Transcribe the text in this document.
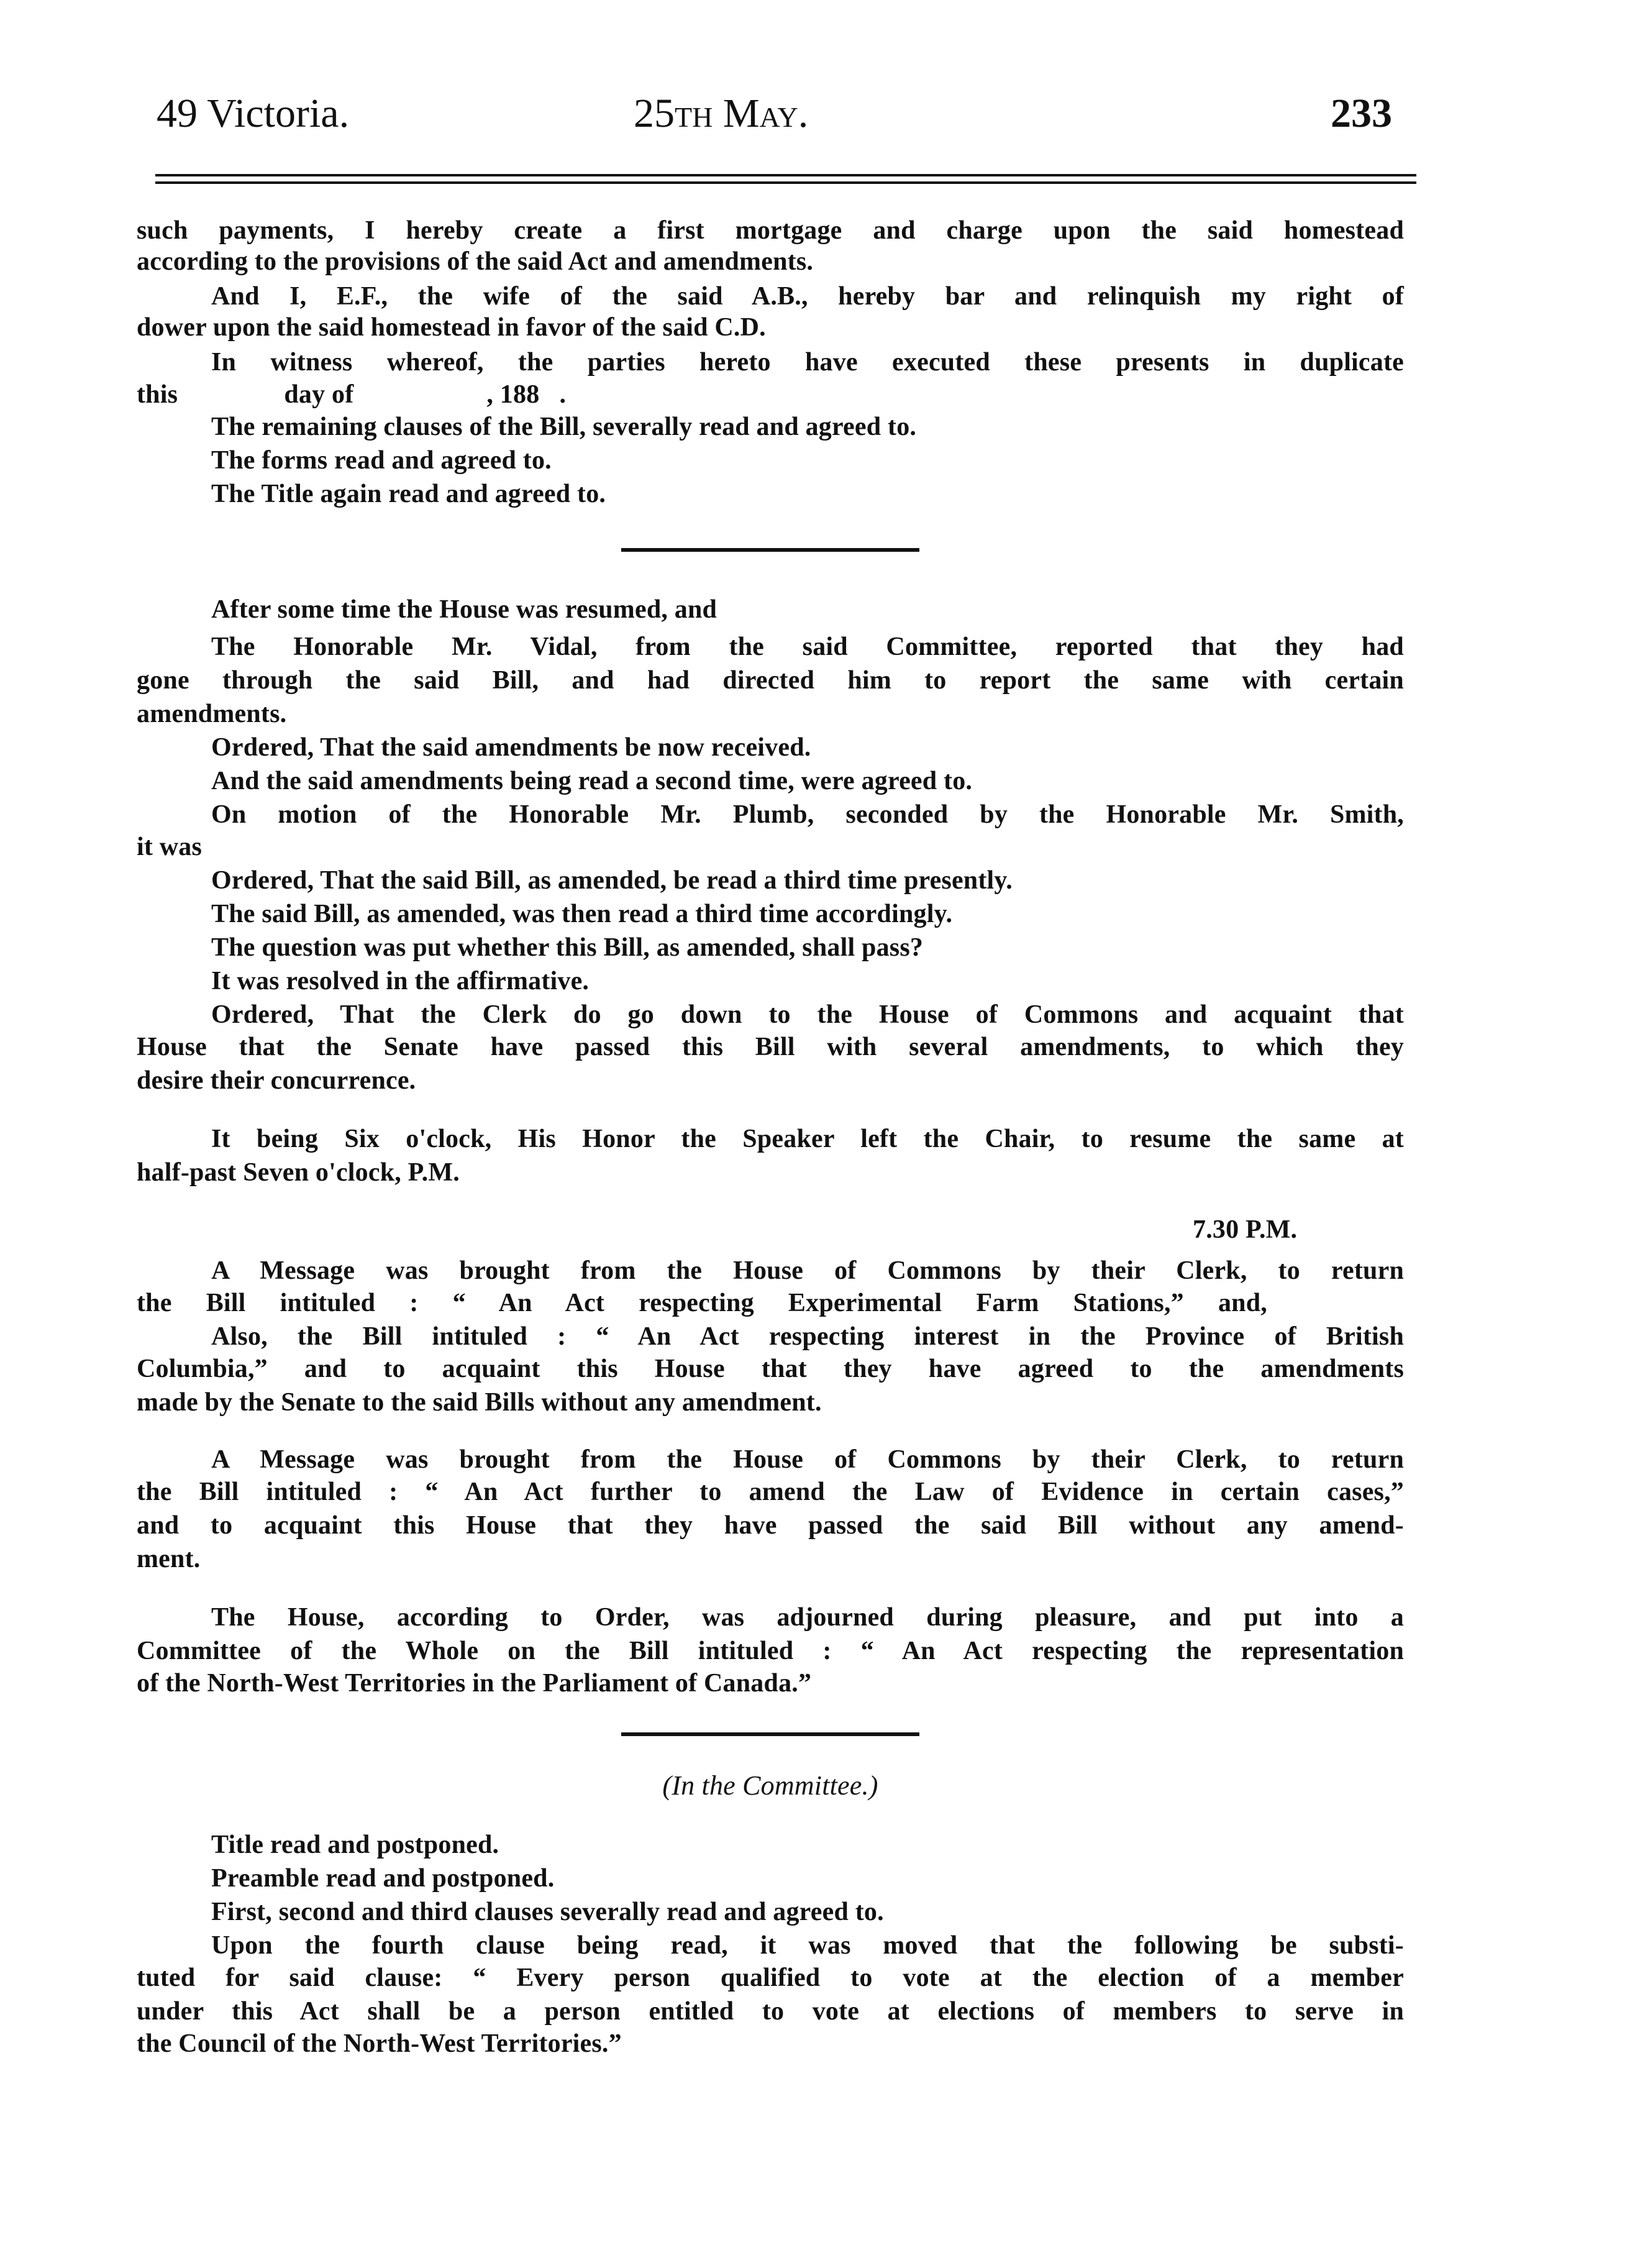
49 Victoria.	25th May.	233
such payments, I hereby create a first mortgage and charge upon the said homestead
according to the provisions of the said Act and amendments.
And I, E.F., the wife of the said A.B., hereby bar and relinquish my right of
dower upon the said homestead in favor of the said C.D.
In witness whereof, the parties hereto have executed these presents in duplicate
this                day of                    , 188   .
The remaining clauses of the Bill, severally read and agreed to.
The forms read and agreed to.
The Title again read and agreed to.
After some time the House was resumed, and
The Honorable Mr. Vidal, from the said Committee, reported that they had
gone through the said Bill, and had directed him to report the same with certain
amendments.
Ordered, That the said amendments be now received.
And the said amendments being read a second time, were agreed to.
On motion of the Honorable Mr. Plumb, seconded by the Honorable Mr. Smith,
it was
Ordered, That the said Bill, as amended, be read a third time presently.
The said Bill, as amended, was then read a third time accordingly.
The question was put whether this Bill, as amended, shall pass?
It was resolved in the affirmative.
Ordered, That the Clerk do go down to the House of Commons and acquaint that
House that the Senate have passed this Bill with several amendments, to which they
desire their concurrence.
It being Six o'clock, His Honor the Speaker left the Chair, to resume the same at
half-past Seven o'clock, P.M.
7.30 P.M.
A Message was brought from the House of Commons by their Clerk, to return
the Bill intituled : “ An Act respecting Experimental Farm Stations,” and,
Also, the Bill intituled : “ An Act respecting interest in the Province of British
Columbia,” and to acquaint this House that they have agreed to the amendments
made by the Senate to the said Bills without any amendment.
A Message was brought from the House of Commons by their Clerk, to return
the Bill intituled : “ An Act further to amend the Law of Evidence in certain cases,”
and to acquaint this House that they have passed the said Bill without any amend-
ment.
The House, according to Order, was adjourned during pleasure, and put into a
Committee of the Whole on the Bill intituled : “ An Act respecting the representation
of the North-West Territories in the Parliament of Canada.”
(In the Committee.)
Title read and postponed.
Preamble read and postponed.
First, second and third clauses severally read and agreed to.
Upon the fourth clause being read, it was moved that the following be substi-
tuted for said clause: “ Every person qualified to vote at the election of a member
under this Act shall be a person entitled to vote at elections of members to serve in
the Council of the North-West Territories.”
